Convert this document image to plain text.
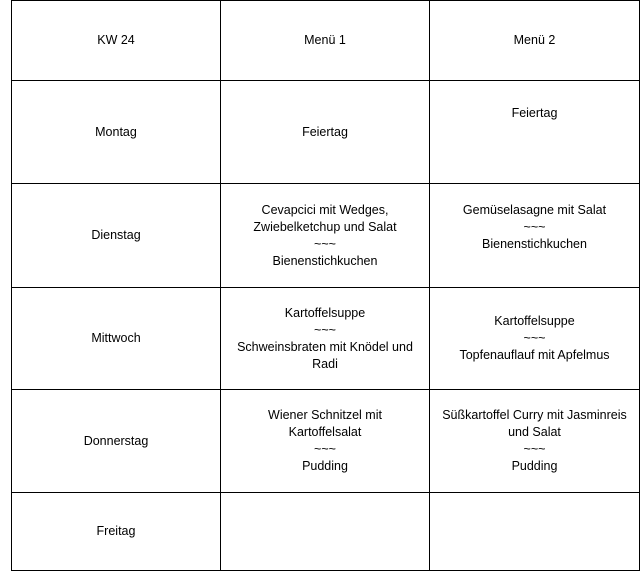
KW 24	Menü 1	Menü 2
Montag	Feiertag	Feiertag
Dienstag	Cevapcici mit Wedges,
Zwiebelketchup und Salat
~~~
Bienenstichkuchen	Gemüselasagne mit Salat
~~~
Bienenstichkuchen
Mittwoch	Kartoffelsuppe
~~~
Schweinsbraten mit Knödel und
Radi	Kartoffelsuppe
~~~
Topfenauflauf mit Apfelmus
Donnerstag	Wiener Schnitzel mit
Kartoffelsalat
~~~
Pudding	Süßkartoffel Curry mit Jasminreis
und Salat
~~~
Pudding
Freitag		
